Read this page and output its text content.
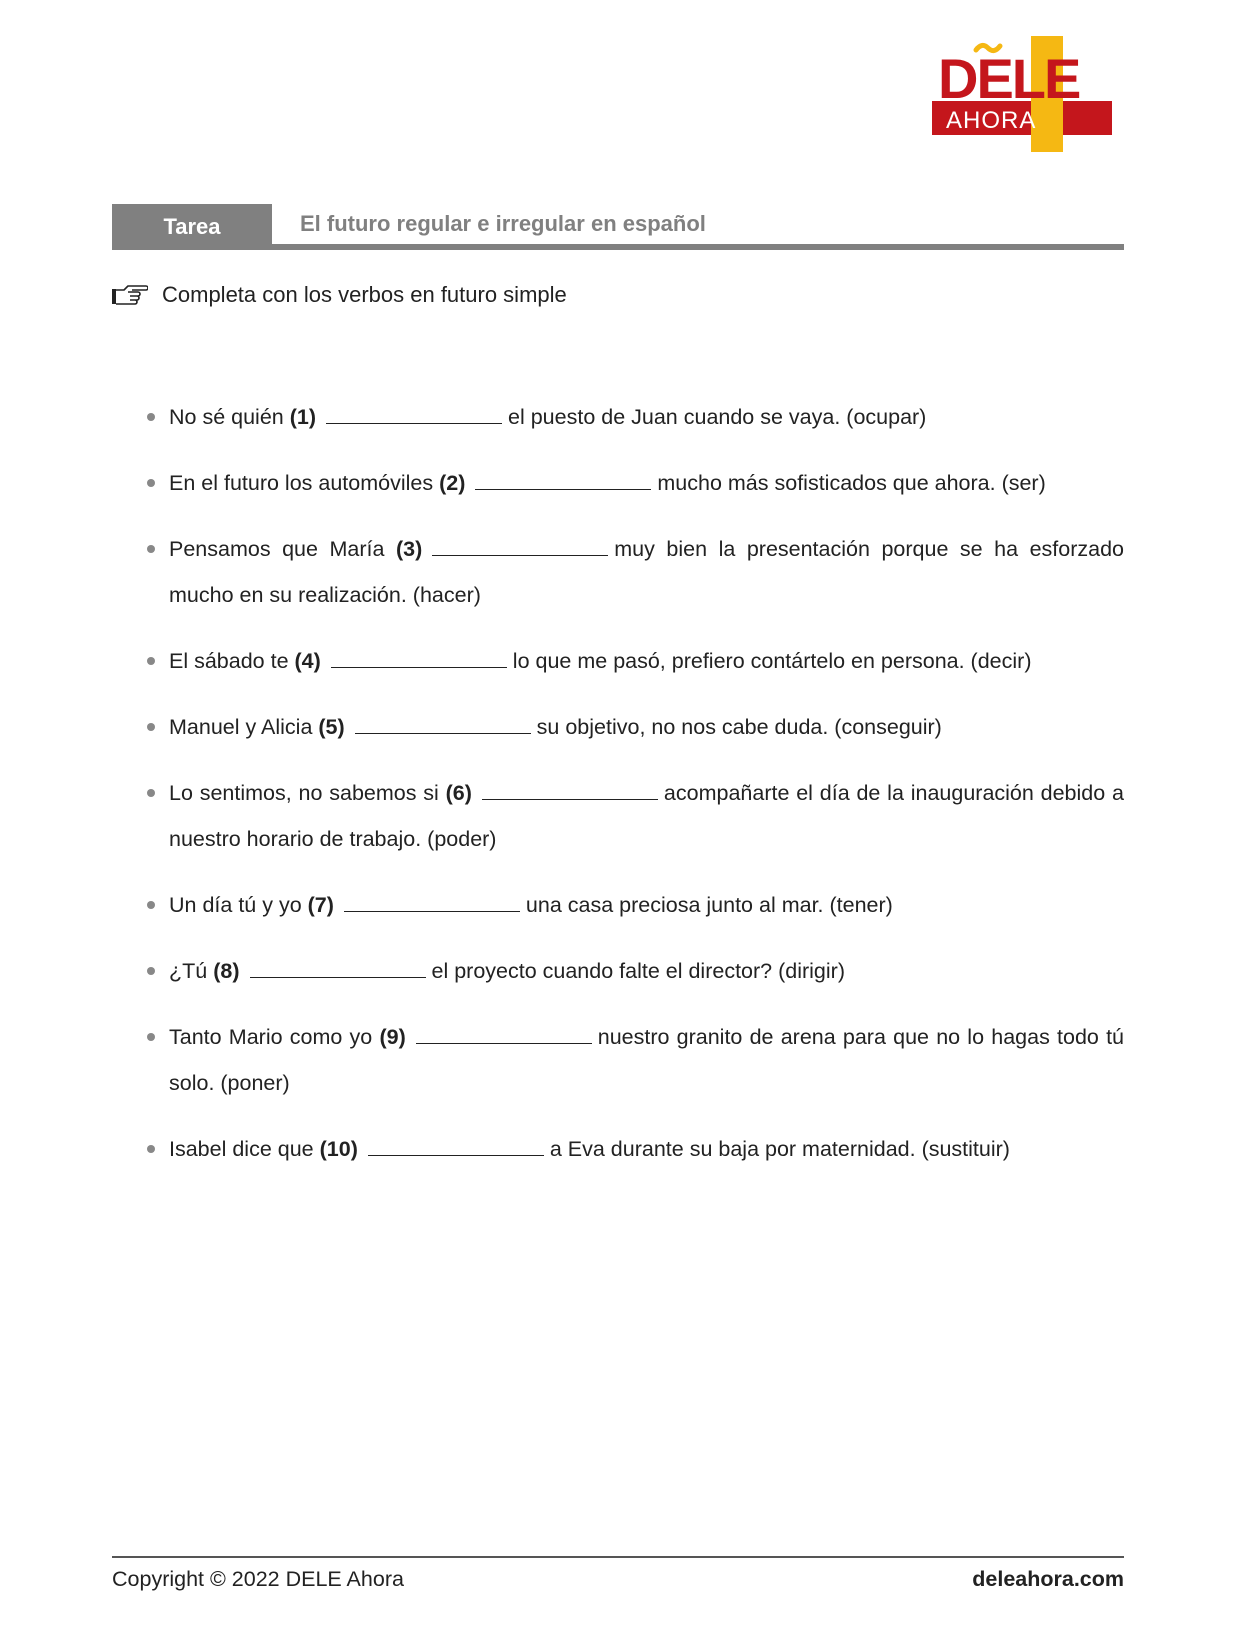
DELE
AHORA
Tarea	El futuro regular e irregular en español
Completa con los verbos en futuro simple
No sé quién (1)	el puesto de Juan cuando se vaya. (ocupar)
En el futuro los automóviles (2)	mucho más sofisticados que ahora. (ser)
Pensamos que María (3)	muy bien la presentación porque se ha esforzado mucho en su realización. (hacer)
El sábado te (4)	lo que me pasó, prefiero contártelo en persona. (decir)
Manuel y Alicia (5)	su objetivo, no nos cabe duda. (conseguir)
Lo sentimos, no sabemos si (6)	acompañarte el día de la inauguración debido a nuestro horario de trabajo. (poder)
Un día tú y yo (7)	una casa preciosa junto al mar. (tener)
¿Tú (8)	el proyecto cuando falte el director? (dirigir)
Tanto Mario como yo (9)	nuestro granito de arena para que no lo hagas todo tú solo. (poner)
Isabel dice que (10)	a Eva durante su baja por maternidad. (sustituir)
Copyright © 2022 DELE Ahora	deleahora.com
